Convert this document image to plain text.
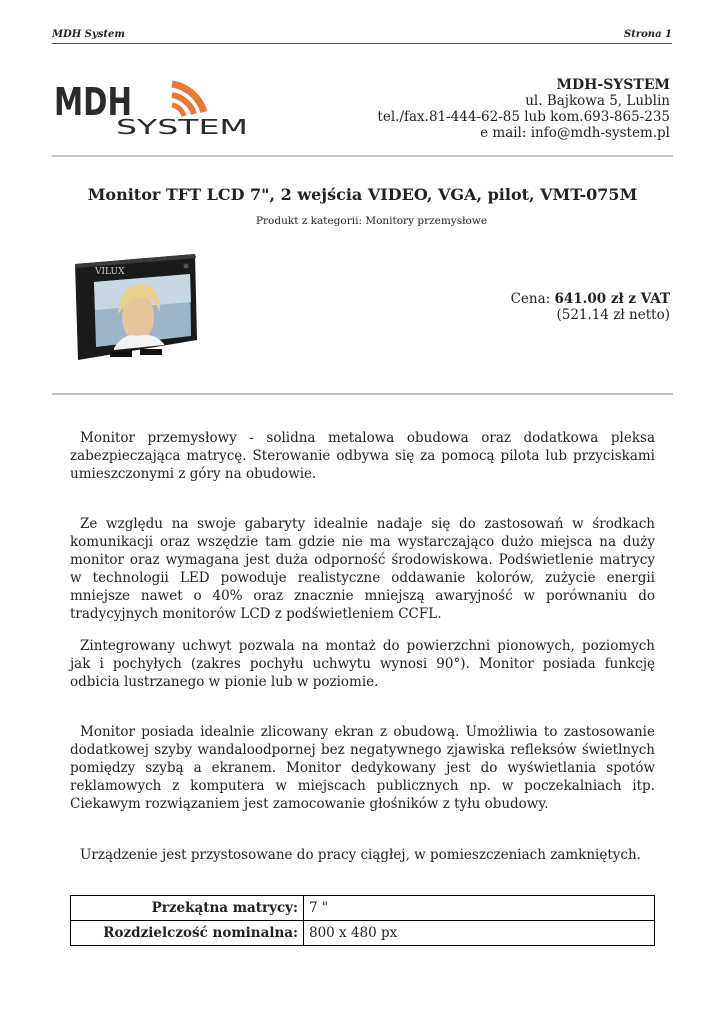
MDH System	Strona 1
MDH
SYSTEM
MDH-SYSTEM
ul. Bajkowa 5, Lublin
tel./fax.81-444-62-85 lub kom.693-865-235
e mail: info@mdh-system.pl
Monitor TFT LCD 7", 2 wejścia VIDEO, VGA, pilot, VMT-075M
Produkt z kategorii: Monitory przemysłowe
VILUX
Cena: 641.00 zł z VAT
(521.14 zł netto)

Monitor przemysłowy - solidna metalowa obudowa oraz dodatkowa pleksa zabezpieczająca matrycę. Sterowanie odbywa się za pomocą pilota lub przyciskami umieszczonymi z góry na obudowie.

Ze względu na swoje gabaryty idealnie nadaje się do zastosowań w środkach komunikacji oraz wszędzie tam gdzie nie ma wystarczająco dużo miejsca na duży monitor oraz wymagana jest duża odporność środowiskowa. Podświetlenie matrycy w technologii LED powoduje realistyczne oddawanie kolorów, zużycie energii mniejsze nawet o 40% oraz znacznie mniejszą awaryjność w porównaniu do tradycyjnych monitorów LCD z podświetleniem CCFL.

Zintegrowany uchwyt pozwala na montaż do powierzchni pionowych, poziomych jak i pochyłych (zakres pochyłu uchwytu wynosi 90°). Monitor posiada funkcję odbicia lustrzanego w pionie lub w poziomie.

Monitor posiada idealnie zlicowany ekran z obudową. Umożliwia to zastosowanie dodatkowej szyby wandaloodpornej bez negatywnego zjawiska refleksów świetlnych pomiędzy szybą a ekranem. Monitor dedykowany jest do wyświetlania spotów reklamowych z komputera w miejscach publicznych np. w poczekalniach itp. Ciekawym rozwiązaniem jest zamocowanie głośników z tyłu obudowy.

Urządzenie jest przystosowane do pracy ciągłej, w pomieszczeniach zamkniętych.

Przekątna matrycy:	7 "
Rozdzielczość nominalna:	800 x 480 px
